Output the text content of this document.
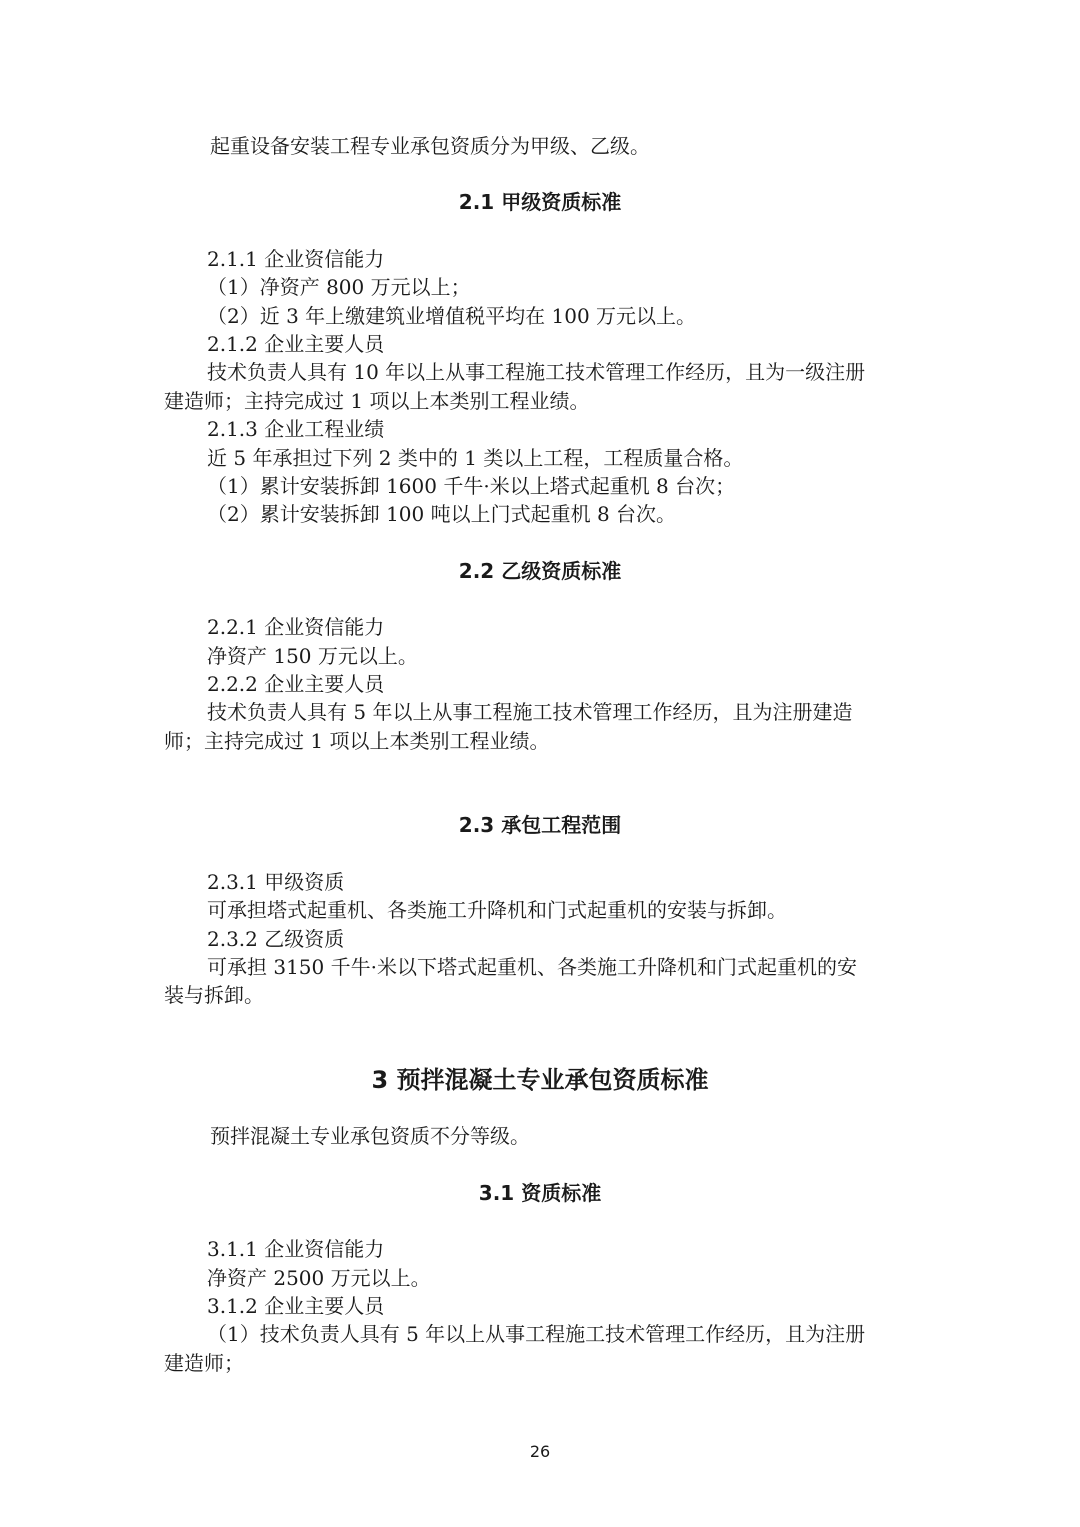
起重设备安装工程专业承包资质分为甲级、乙级。
2.1 甲级资质标准
2.1.1 企业资信能力
（1）净资产 800 万元以上；
（2）近 3 年上缴建筑业增值税平均在 100 万元以上。
2.1.2 企业主要人员
技术负责人具有 10 年以上从事工程施工技术管理工作经历，且为一级注册
建造师；主持完成过 1 项以上本类别工程业绩。
2.1.3 企业工程业绩
近 5 年承担过下列 2 类中的 1 类以上工程，工程质量合格。
（1）累计安装拆卸 1600 千牛·米以上塔式起重机 8 台次；
（2）累计安装拆卸 100 吨以上门式起重机 8 台次。
2.2 乙级资质标准
2.2.1 企业资信能力
净资产 150 万元以上。
2.2.2 企业主要人员
技术负责人具有 5 年以上从事工程施工技术管理工作经历，且为注册建造
师；主持完成过 1 项以上本类别工程业绩。
2.3 承包工程范围
2.3.1 甲级资质
可承担塔式起重机、各类施工升降机和门式起重机的安装与拆卸。
2.3.2 乙级资质
可承担 3150 千牛·米以下塔式起重机、各类施工升降机和门式起重机的安
装与拆卸。
3 预拌混凝土专业承包资质标准
预拌混凝土专业承包资质不分等级。
3.1 资质标准
3.1.1 企业资信能力
净资产 2500 万元以上。
3.1.2 企业主要人员
（1）技术负责人具有 5 年以上从事工程施工技术管理工作经历，且为注册
建造师；
26
